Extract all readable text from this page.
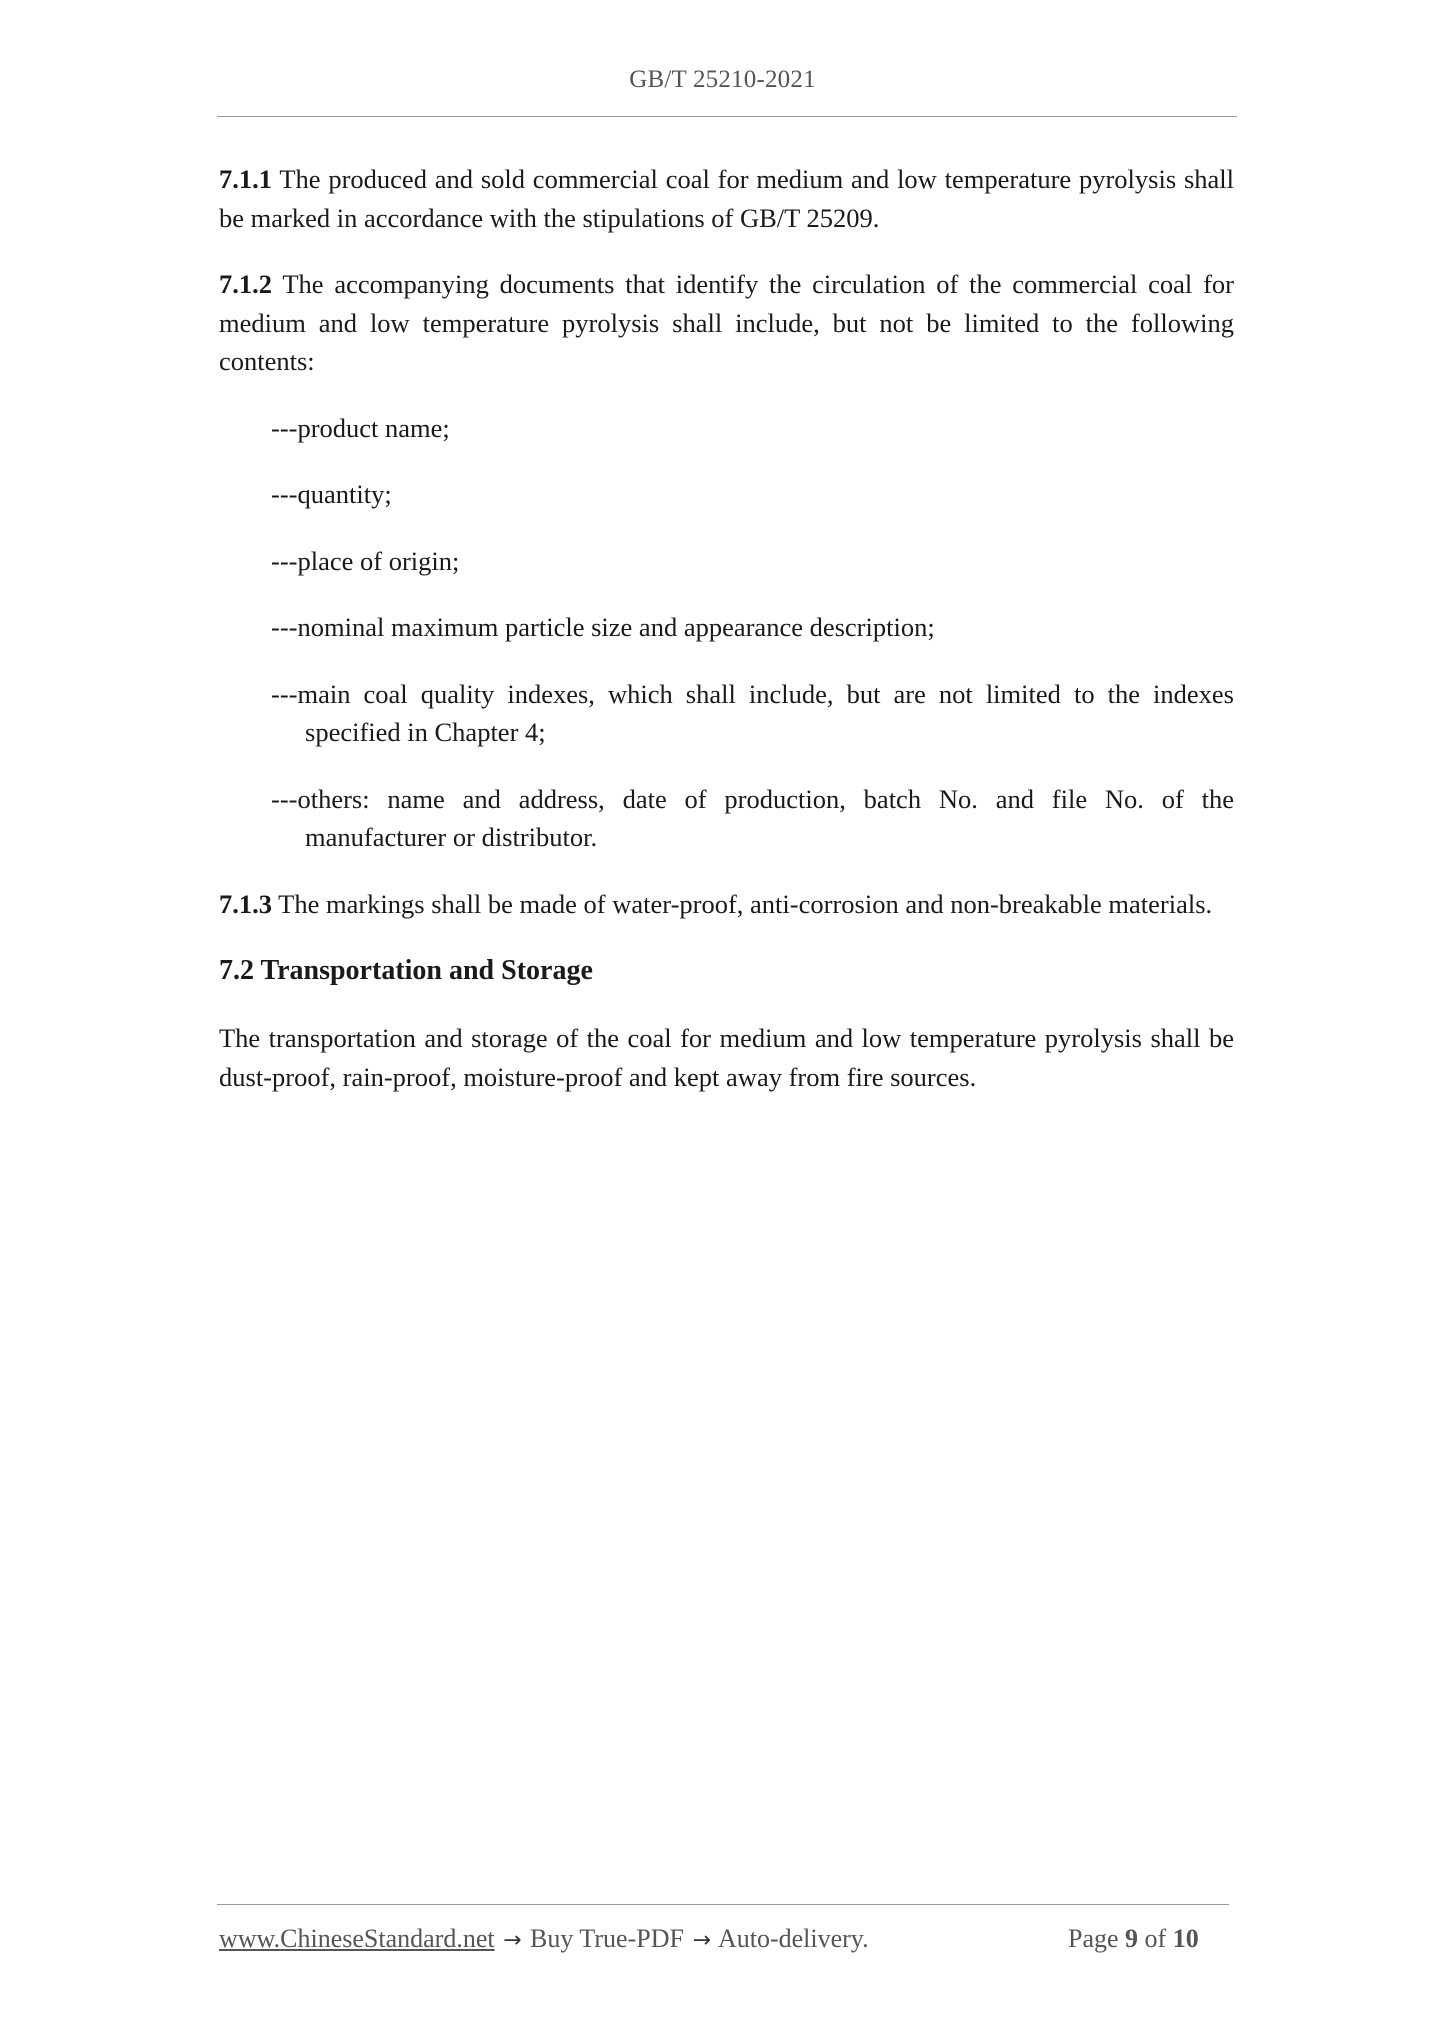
GB/T 25210-2021

7.1.1 The produced and sold commercial coal for medium and low temperature pyrolysis shall be marked in accordance with the stipulations of GB/T 25209.

7.1.2 The accompanying documents that identify the circulation of the commercial coal for medium and low temperature pyrolysis shall include, but not be limited to the following contents:

---product name;
---quantity;
---place of origin;
---nominal maximum particle size and appearance description;
---main coal quality indexes, which shall include, but are not limited to the indexes specified in Chapter 4;
---others: name and address, date of production, batch No. and file No. of the manufacturer or distributor.

7.1.3 The markings shall be made of water-proof, anti-corrosion and non-breakable materials.

7.2 Transportation and Storage

The transportation and storage of the coal for medium and low temperature pyrolysis shall be dust-proof, rain-proof, moisture-proof and kept away from fire sources.

www.ChineseStandard.net → Buy True-PDF → Auto-delivery.	Page 9 of 10
